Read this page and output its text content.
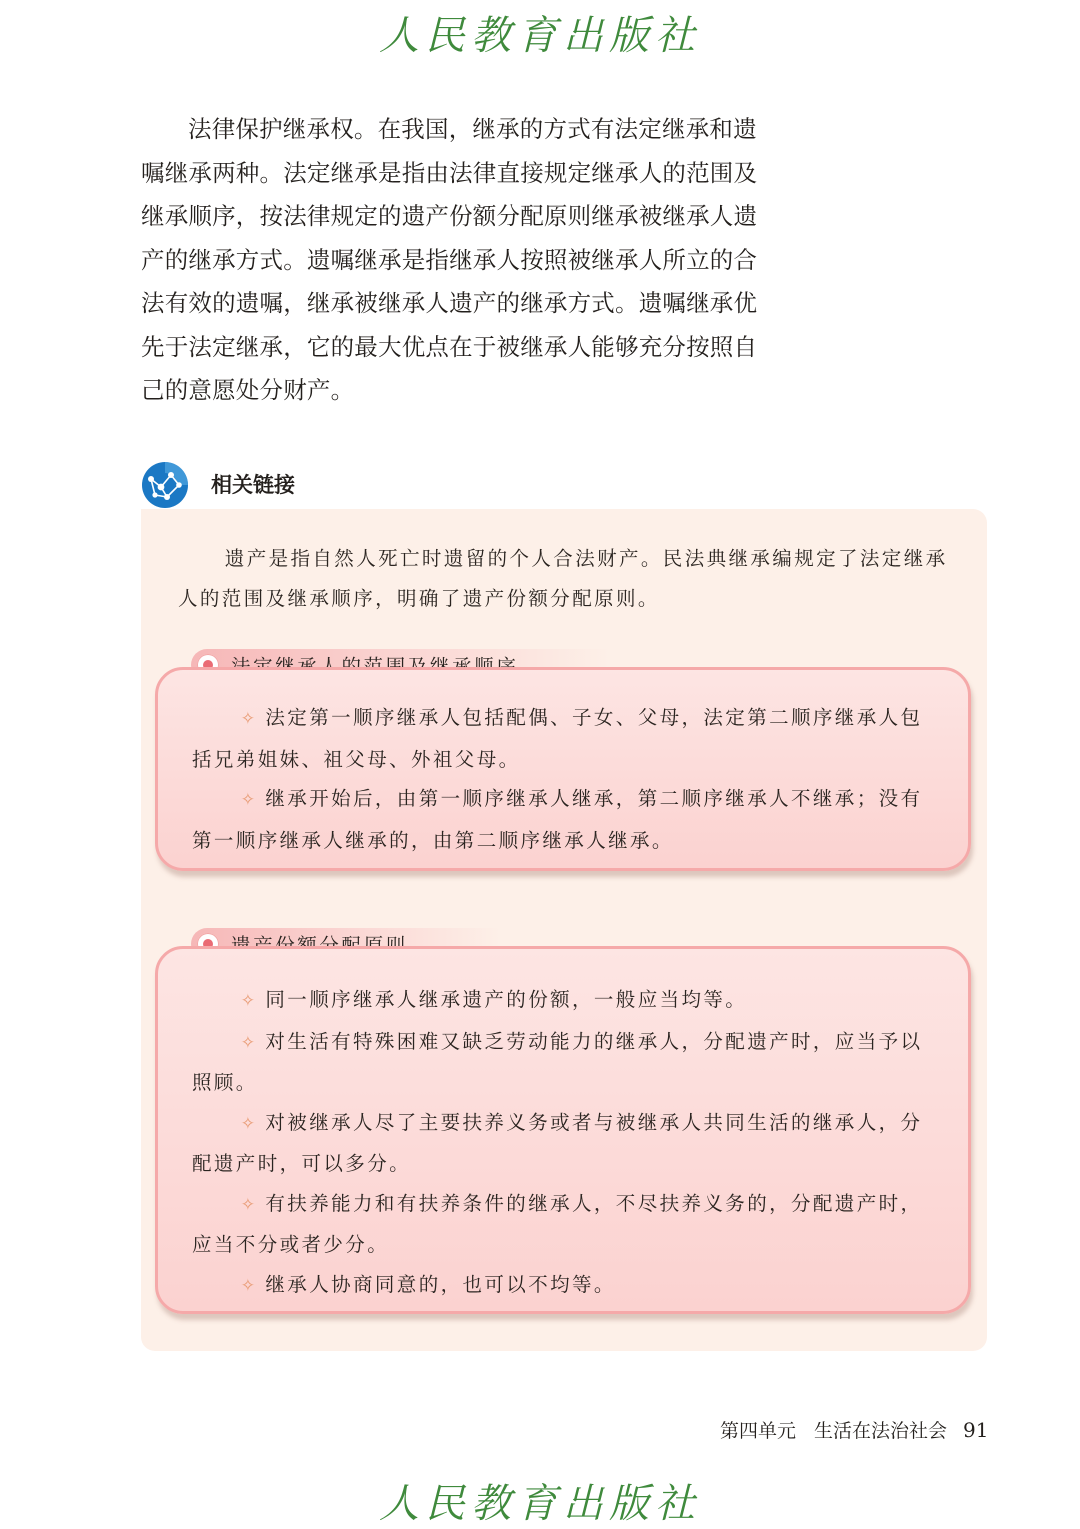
人民教育出版社

法律保护继承权。在我国，继承的方式有法定继承和遗嘱继承两种。法定继承是指由法律直接规定继承人的范围及继承顺序，按法律规定的遗产份额分配原则继承被继承人遗产的继承方式。遗嘱继承是指继承人按照被继承人所立的合法有效的遗嘱，继承被继承人遗产的继承方式。遗嘱继承优先于法定继承，它的最大优点在于被继承人能够充分按照自己的意愿处分财产。

相关链接

遗产是指自然人死亡时遗留的个人合法财产。民法典继承编规定了法定继承人的范围及继承顺序，明确了遗产份额分配原则。

✧ 法定第一顺序继承人包括配偶、子女、父母，法定第二顺序继承人包括兄弟姐妹、祖父母、外祖父母。

✧ 继承开始后，由第一顺序继承人继承，第二顺序继承人不继承；没有第一顺序继承人继承的，由第二顺序继承人继承。

✧ 同一顺序继承人继承遗产的份额，一般应当均等。

✧ 对生活有特殊困难又缺乏劳动能力的继承人，分配遗产时，应当予以照顾。

✧ 对被继承人尽了主要扶养义务或者与被继承人共同生活的继承人，分配遗产时，可以多分。

✧ 有扶养能力和有扶养条件的继承人，不尽扶养义务的，分配遗产时，应当不分或者少分。

✧ 继承人协商同意的，也可以不均等。

第四单元 生活在法治社会 91
人民教育出版社
